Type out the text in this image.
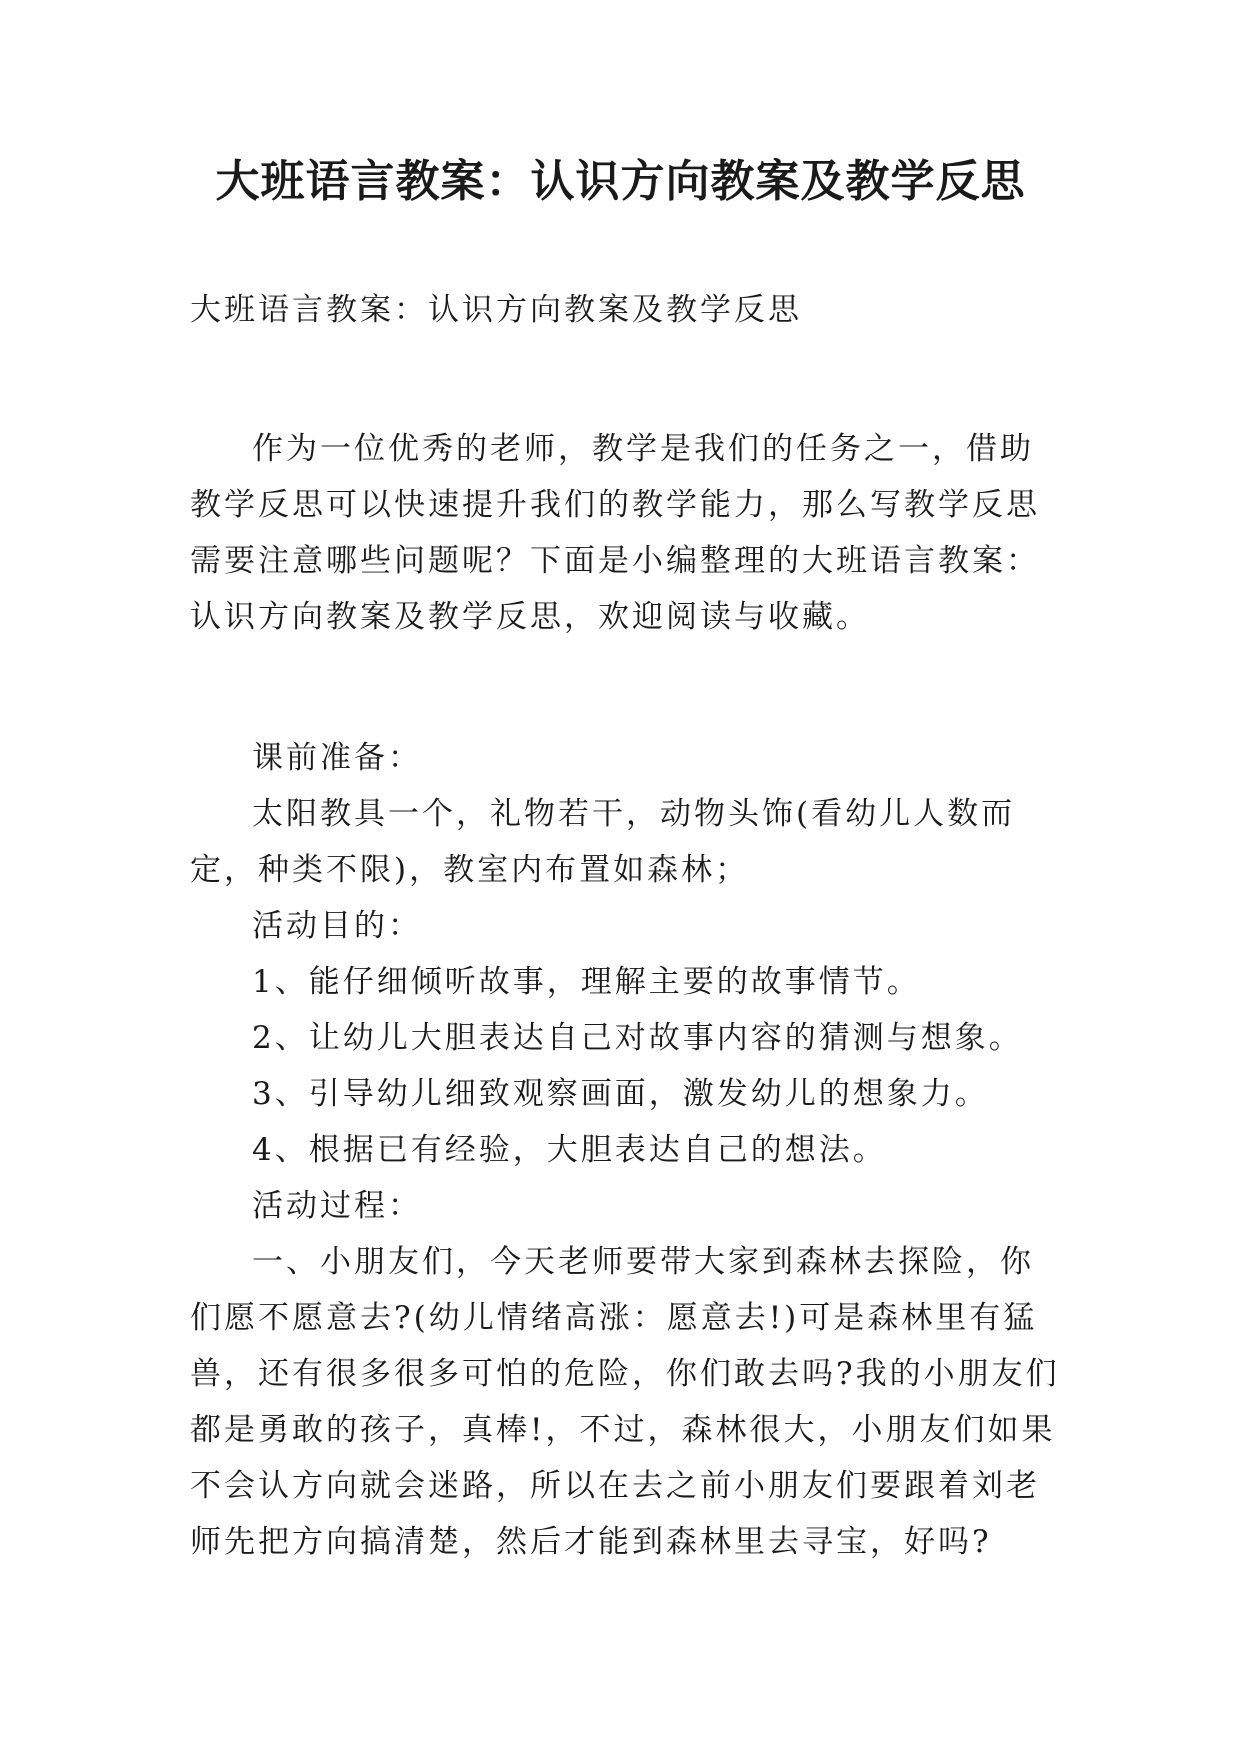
大班语言教案：认识方向教案及教学反思

大班语言教案：认识方向教案及教学反思

作为一位优秀的老师，教学是我们的任务之一，借助教学反思可以快速提升我们的教学能力，那么写教学反思需要注意哪些问题呢？下面是小编整理的大班语言教案：认识方向教案及教学反思，欢迎阅读与收藏。

课前准备：

太阳教具一个，礼物若干，动物头饰(看幼儿人数而定，种类不限)，教室内布置如森林；

活动目的：

1、能仔细倾听故事，理解主要的故事情节。

2、让幼儿大胆表达自己对故事内容的猜测与想象。

3、引导幼儿细致观察画面，激发幼儿的想象力。

4、根据已有经验，大胆表达自己的想法。

活动过程：

一、小朋友们，今天老师要带大家到森林去探险，你们愿不愿意去?(幼儿情绪高涨：愿意去!)可是森林里有猛兽，还有很多很多可怕的危险，你们敢去吗?我的小朋友们都是勇敢的孩子，真棒!，不过，森林很大，小朋友们如果不会认方向就会迷路，所以在去之前小朋友们要跟着刘老师先把方向搞清楚，然后才能到森林里去寻宝，好吗?
